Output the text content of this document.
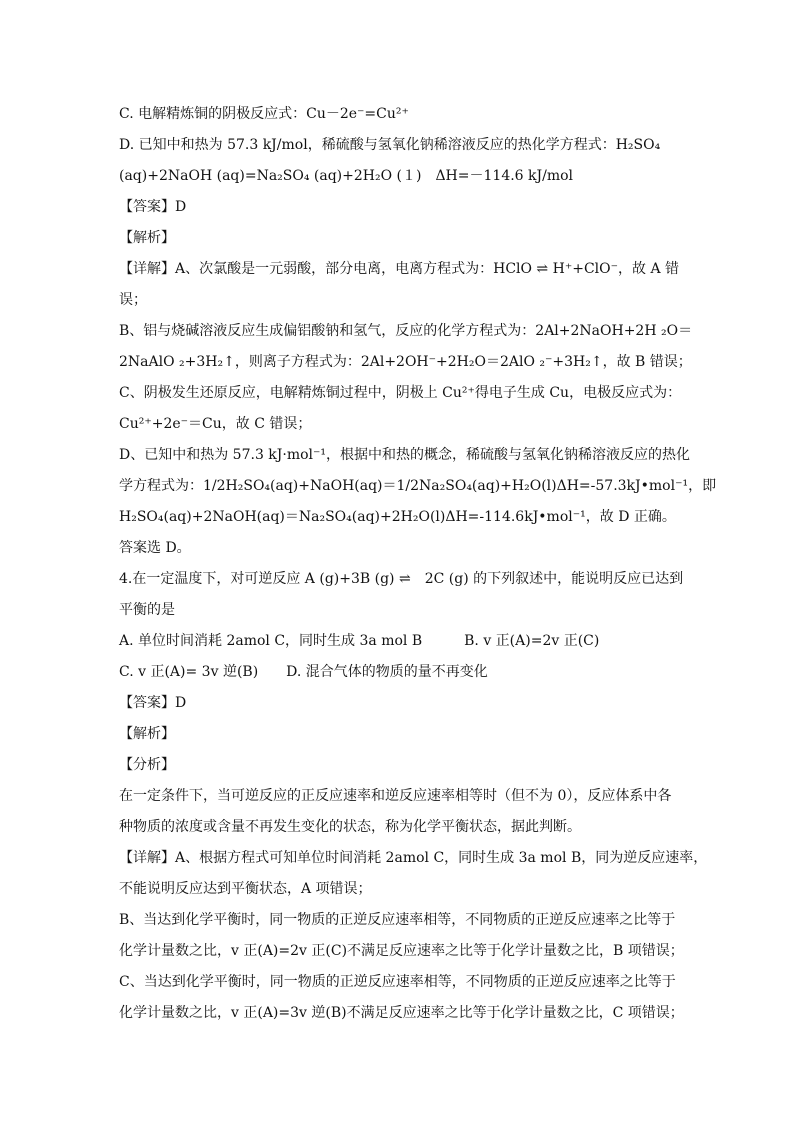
C. 电解精炼铜的阴极反应式：Cu－2e⁻=Cu²⁺
D. 已知中和热为 57.3 kJ/mol，稀硫酸与氢氧化钠稀溶液反应的热化学方程式：H₂SO₄
(aq)+2NaOH (aq)=Na₂SO₄ (aq)+2H₂O (１)　ΔH=－114.6 kJ/mol
【答案】D
【解析】
【详解】A、次氯酸是一元弱酸，部分电离，电离方程式为：HClO ⇌ H⁺+ClO⁻，故 A 错
误；
B、铝与烧碱溶液反应生成偏铝酸钠和氢气，反应的化学方程式为：2Al+2NaOH+2H ₂O＝
2NaAlO ₂+3H₂↑，则离子方程式为：2Al+2OH⁻+2H₂O＝2AlO ₂⁻+3H₂↑，故 B 错误；
C、阴极发生还原反应，电解精炼铜过程中，阴极上 Cu²⁺得电子生成 Cu，电极反应式为：
Cu²⁺+2e⁻＝Cu，故 C 错误；
D、已知中和热为 57.3 kJ·mol⁻¹，根据中和热的概念，稀硫酸与氢氧化钠稀溶液反应的热化
学方程式为：1/2H₂SO₄(aq)+NaOH(aq)＝1/2Na₂SO₄(aq)+H₂O(l)ΔH=-57.3kJ•mol⁻¹，即
H₂SO₄(aq)+2NaOH(aq)＝Na₂SO₄(aq)+2H₂O(l)ΔH=-114.6kJ•mol⁻¹，故 D 正确。
答案选 D。
4.在一定温度下，对可逆反应 A (g)+3B (g) ⇌　2C (g) 的下列叙述中，能说明反应已达到
平衡的是
A. 单位时间消耗 2amol C，同时生成 3a mol B　　　B. v 正(A)=2v 正(C)
C. v 正(A)= 3v 逆(B)　　D. 混合气体的物质的量不再变化
【答案】D
【解析】
【分析】
在一定条件下，当可逆反应的正反应速率和逆反应速率相等时（但不为 0），反应体系中各
种物质的浓度或含量不再发生变化的状态，称为化学平衡状态，据此判断。
【详解】A、根据方程式可知单位时间消耗 2amol C，同时生成 3a mol B，同为逆反应速率，
不能说明反应达到平衡状态，A 项错误；
B、当达到化学平衡时，同一物质的正逆反应速率相等，不同物质的正逆反应速率之比等于
化学计量数之比，v 正(A)=2v 正(C)不满足反应速率之比等于化学计量数之比，B 项错误；
C、当达到化学平衡时，同一物质的正逆反应速率相等，不同物质的正逆反应速率之比等于
化学计量数之比，v 正(A)=3v 逆(B)不满足反应速率之比等于化学计量数之比，C 项错误；
